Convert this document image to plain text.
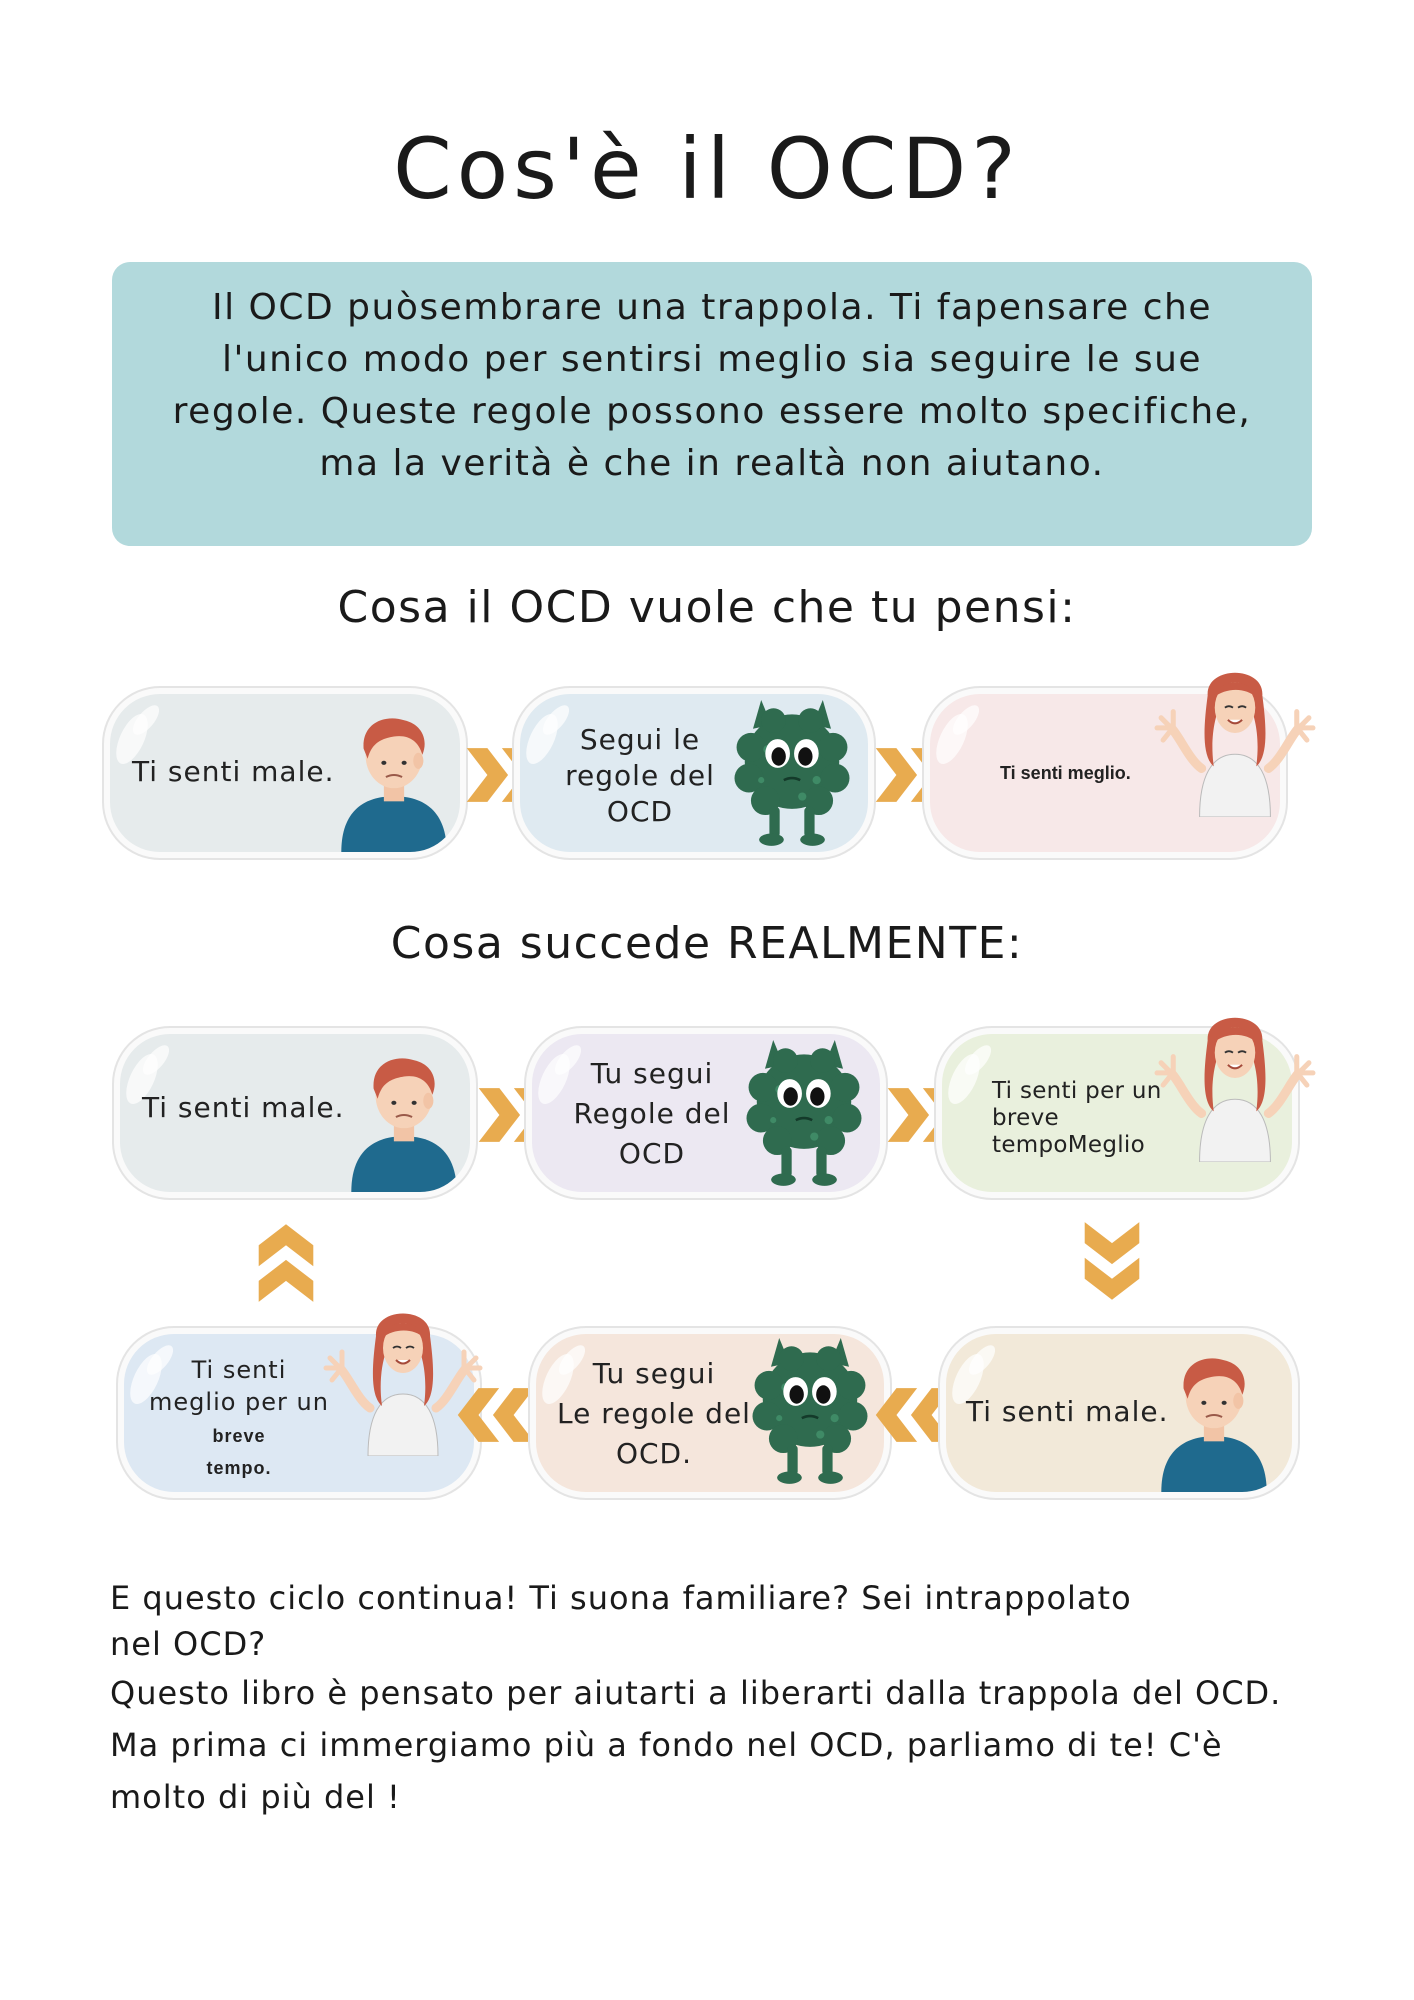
Cos'è il OCD?

Il OCD puòsembrare una trappola. Ti fapensare che
l'unico modo per sentirsi meglio sia seguire le sue
regole. Queste regole possono essere molto specifiche,
ma la verità è che in realtà non aiutano.

Cosa il OCD vuole che tu pensi:
Ti senti male.
Segui le
regole del
OCD
Ti senti meglio.
Cosa succede REALMENTE:
Ti senti male.
Tu segui
Regole del
OCD
Ti senti per un
breve
tempoMeglio
Ti senti
meglio per un
breve
tempo.
Tu segui
Le regole del
OCD.
Ti senti male.

E questo ciclo continua! Ti suona familiare? Sei intrappolato

nel OCD?

Questo libro è pensato per aiutarti a liberarti dalla trappola del OCD.

Ma prima ci immergiamo più a fondo nel OCD, parliamo di te! C'è

molto di più del !
